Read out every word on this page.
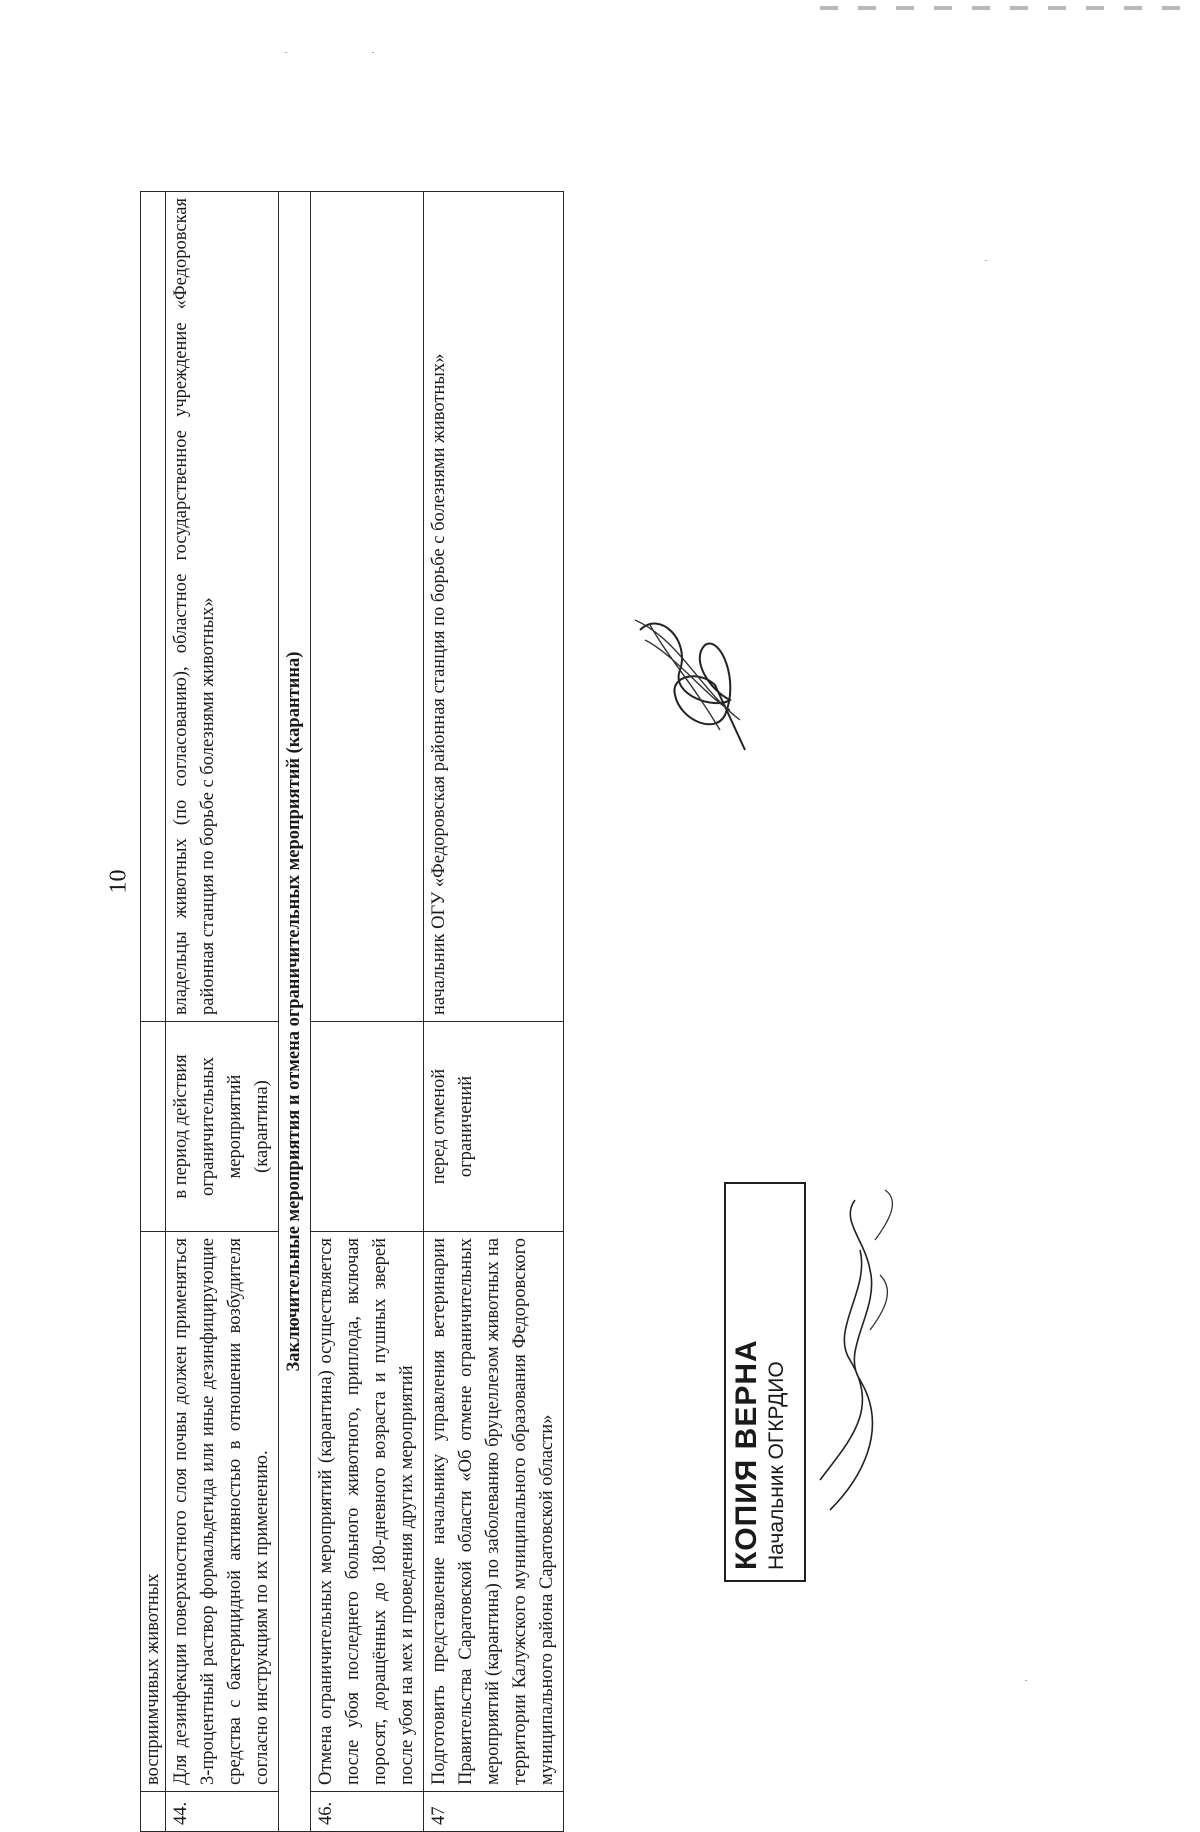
10
	восприимчивых животных		
44.	Для дезинфекции поверхностного слоя почвы должен применяться 3-процентный раствор формальдегида или иные дезинфицирующие средства с бактерицидной активностью в отношении возбудителя согласно инструкциям по их применению.	в период действия ограничительных мероприятий (карантина)	владельцы животных (по согласованию), областное государственное учреждение «Федоровская районная станция по борьбе с болезнями животных»
Заключительные мероприятия и отмена ограничительных мероприятий (карантина)			
46.	Отмена ограничительных мероприятий (карантина) осуществляется после убоя последнего больного животного, приплода, включая поросят, доращённых до 180-дневного возраста и пушных зверей после убоя на мех и проведения других мероприятий		
47	Подготовить представление начальнику управления ветеринарии Правительства Саратовской области «Об отмене ограничительных мероприятий (карантина) по заболеванию бруцеллезом животных на территории Калужского муниципального образования Федоровского муниципального района Саратовской области»	перед отменой ограничений	начальник ОГУ «Федоровская районная станция по борьбе с болезнями животных»
КОПИЯ ВЕРНА Начальник ОГКРДИО
